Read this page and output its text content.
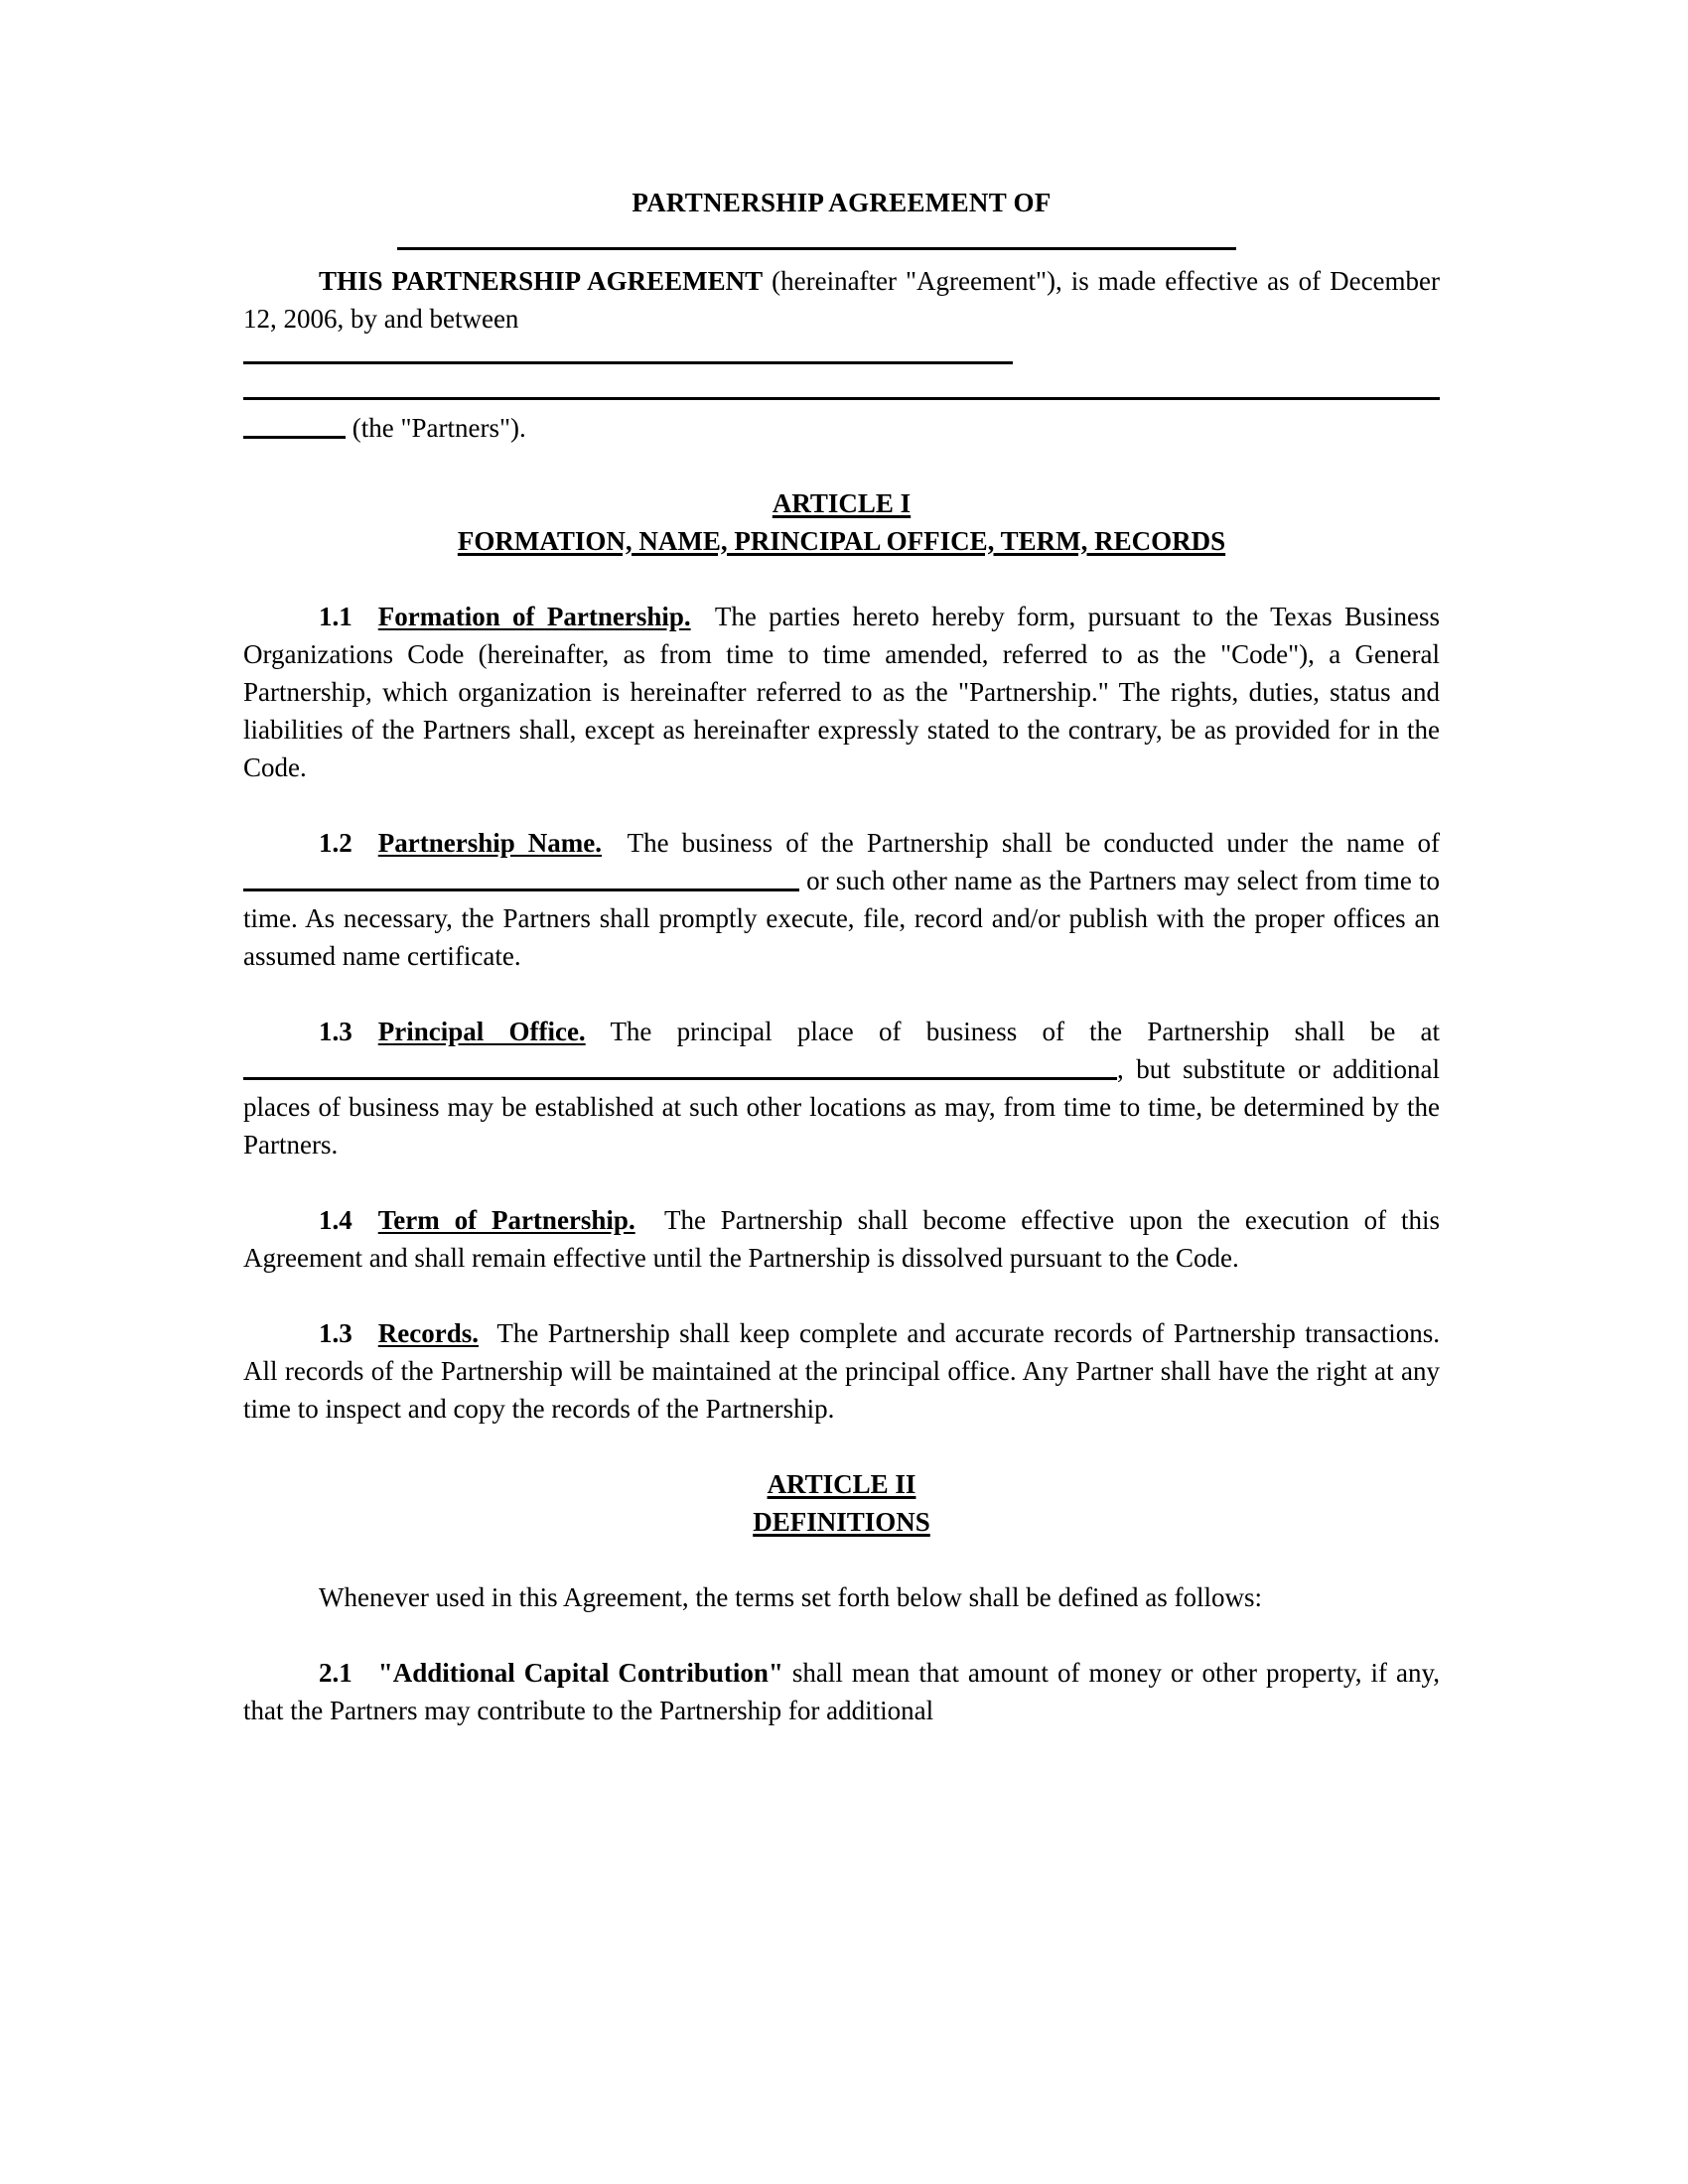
PARTNERSHIP AGREEMENT OF

THIS PARTNERSHIP AGREEMENT (hereinafter "Agreement"), is made effective as of December 12, 2006, by and between

(the "Partners").

ARTICLE I
FORMATION, NAME, PRINCIPAL OFFICE, TERM, RECORDS

1.1 Formation of Partnership. The parties hereto hereby form, pursuant to the Texas Business Organizations Code (hereinafter, as from time to time amended, referred to as the "Code"), a General Partnership, which organization is hereinafter referred to as the "Partnership." The rights, duties, status and liabilities of the Partners shall, except as hereinafter expressly stated to the contrary, be as provided for in the Code.

1.2 Partnership Name. The business of the Partnership shall be conducted under the name of  or such other name as the Partners may select from time to time. As necessary, the Partners shall promptly execute, file, record and/or publish with the proper offices an assumed name certificate.

1.3 Principal Office. The principal place of business of the Partnership shall be at , but substitute or additional places of business may be established at such other locations as may, from time to time, be determined by the Partners.

1.4 Term of Partnership. The Partnership shall become effective upon the execution of this Agreement and shall remain effective until the Partnership is dissolved pursuant to the Code.

1.3 Records. The Partnership shall keep complete and accurate records of Partnership transactions. All records of the Partnership will be maintained at the principal office. Any Partner shall have the right at any time to inspect and copy the records of the Partnership.

ARTICLE II
DEFINITIONS

Whenever used in this Agreement, the terms set forth below shall be defined as follows:

2.1 "Additional Capital Contribution" shall mean that amount of money or other property, if any, that the Partners may contribute to the Partnership for additional
